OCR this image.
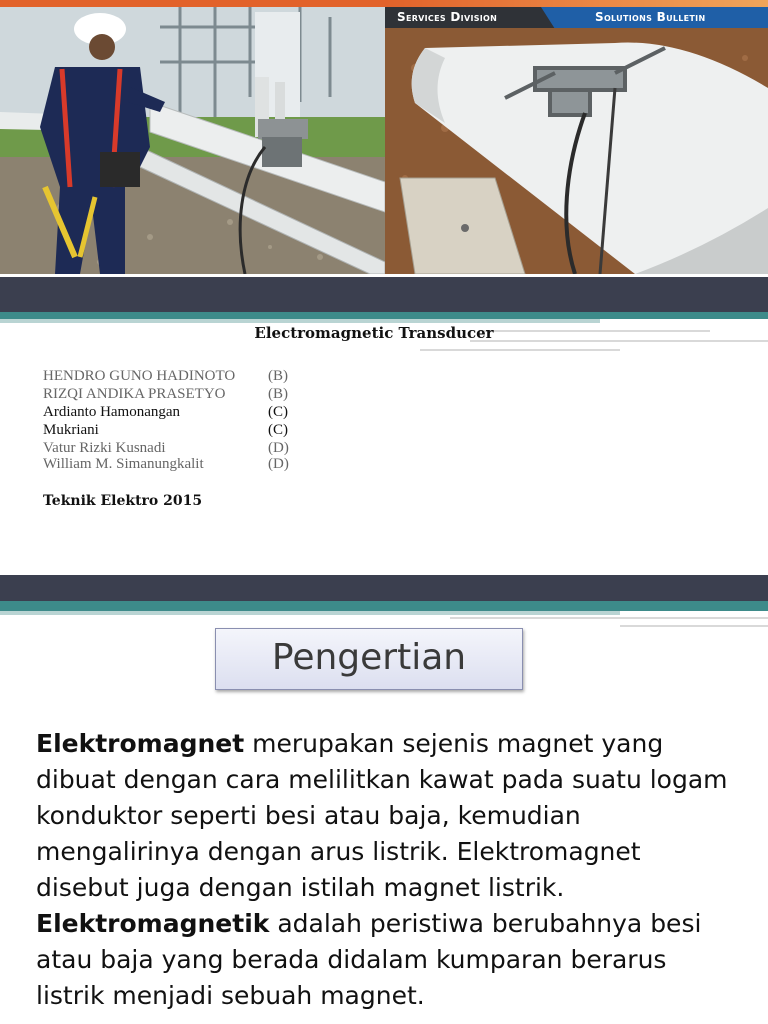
Services Division	Solutions Bulletin
Electromagnetic Transducer
HENDRO GUNO HADINOTO (B)
RIZQI ANDIKA PRASETYO	(B)
Ardianto Hamonangan	(C)
Mukriani	(C)
Vatur Rizki Kusnadi	(D)
William M. Simanungkalit	(D)
Teknik Elektro 2015
Pengertian
Elektromagnet merupakan sejenis magnet yang dibuat dengan cara melilitkan kawat pada suatu logam konduktor seperti besi atau baja, kemudian mengalirinya dengan arus listrik. Elektromagnet disebut juga dengan istilah magnet listrik.
Elektromagnetik adalah peristiwa berubahnya besi atau baja yang berada didalam kumparan berarus listrik menjadi sebuah magnet.
